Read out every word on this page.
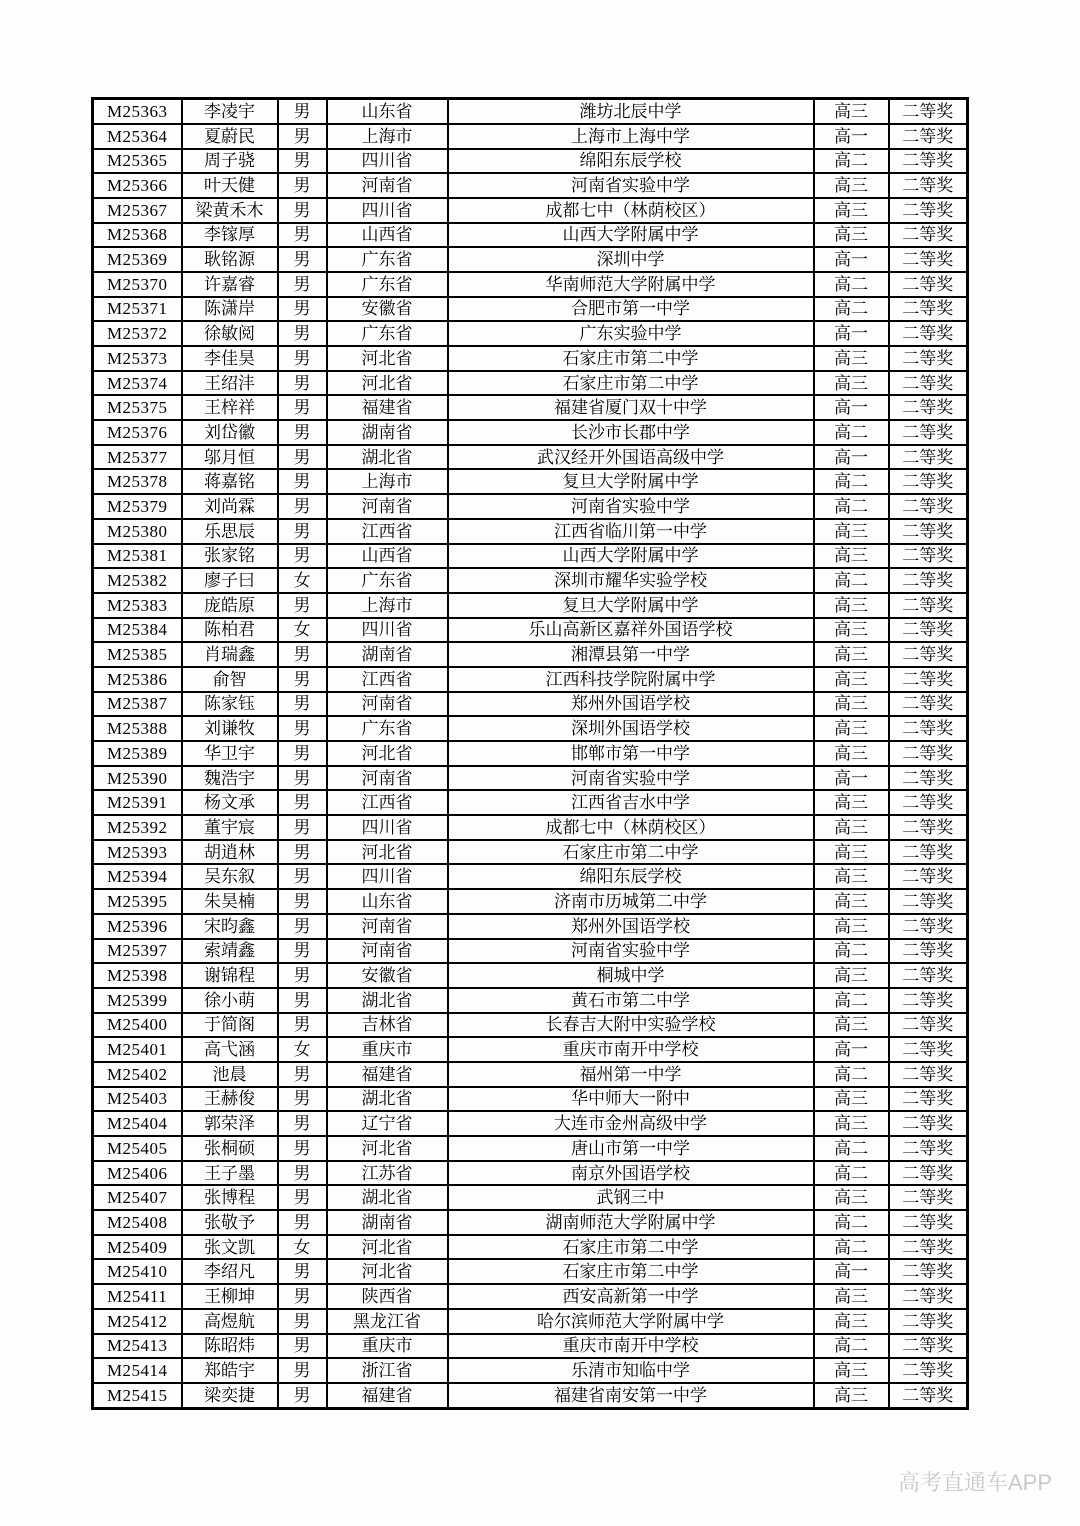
M25363	李凌宇	男	山东省	潍坊北辰中学	高三	二等奖
M25364	夏蔚民	男	上海市	上海市上海中学	高一	二等奖
M25365	周子骁	男	四川省	绵阳东辰学校	高二	二等奖
M25366	叶天健	男	河南省	河南省实验中学	高三	二等奖
M25367	梁黄禾木	男	四川省	成都七中（林荫校区）	高三	二等奖
M25368	李镓厚	男	山西省	山西大学附属中学	高三	二等奖
M25369	耿铭源	男	广东省	深圳中学	高一	二等奖
M25370	许嘉睿	男	广东省	华南师范大学附属中学	高二	二等奖
M25371	陈潇岸	男	安徽省	合肥市第一中学	高二	二等奖
M25372	徐敏阅	男	广东省	广东实验中学	高一	二等奖
M25373	李佳昊	男	河北省	石家庄市第二中学	高三	二等奖
M25374	王绍沣	男	河北省	石家庄市第二中学	高三	二等奖
M25375	王梓祥	男	福建省	福建省厦门双十中学	高一	二等奖
M25376	刘岱徽	男	湖南省	长沙市长郡中学	高二	二等奖
M25377	邬月恒	男	湖北省	武汉经开外国语高级中学	高一	二等奖
M25378	蒋嘉铭	男	上海市	复旦大学附属中学	高二	二等奖
M25379	刘尚霖	男	河南省	河南省实验中学	高二	二等奖
M25380	乐思辰	男	江西省	江西省临川第一中学	高三	二等奖
M25381	张家铭	男	山西省	山西大学附属中学	高三	二等奖
M25382	廖子曰	女	广东省	深圳市耀华实验学校	高二	二等奖
M25383	庞皓原	男	上海市	复旦大学附属中学	高三	二等奖
M25384	陈柏君	女	四川省	乐山高新区嘉祥外国语学校	高三	二等奖
M25385	肖瑞鑫	男	湖南省	湘潭县第一中学	高三	二等奖
M25386	俞智	男	江西省	江西科技学院附属中学	高三	二等奖
M25387	陈家钰	男	河南省	郑州外国语学校	高三	二等奖
M25388	刘谦牧	男	广东省	深圳外国语学校	高三	二等奖
M25389	华卫宇	男	河北省	邯郸市第一中学	高三	二等奖
M25390	魏浩宇	男	河南省	河南省实验中学	高一	二等奖
M25391	杨文承	男	江西省	江西省吉水中学	高三	二等奖
M25392	董宇宸	男	四川省	成都七中（林荫校区）	高三	二等奖
M25393	胡逍林	男	河北省	石家庄市第二中学	高三	二等奖
M25394	吴东叙	男	四川省	绵阳东辰学校	高三	二等奖
M25395	朱昊楠	男	山东省	济南市历城第二中学	高三	二等奖
M25396	宋昀鑫	男	河南省	郑州外国语学校	高三	二等奖
M25397	索靖鑫	男	河南省	河南省实验中学	高二	二等奖
M25398	谢锦程	男	安徽省	桐城中学	高三	二等奖
M25399	徐小萌	男	湖北省	黄石市第二中学	高二	二等奖
M25400	于简阁	男	吉林省	长春吉大附中实验学校	高三	二等奖
M25401	高弋涵	女	重庆市	重庆市南开中学校	高一	二等奖
M25402	池晨	男	福建省	福州第一中学	高二	二等奖
M25403	王赫俊	男	湖北省	华中师大一附中	高三	二等奖
M25404	郭荣泽	男	辽宁省	大连市金州高级中学	高三	二等奖
M25405	张桐硕	男	河北省	唐山市第一中学	高二	二等奖
M25406	王子墨	男	江苏省	南京外国语学校	高二	二等奖
M25407	张博程	男	湖北省	武钢三中	高三	二等奖
M25408	张敬予	男	湖南省	湖南师范大学附属中学	高二	二等奖
M25409	张文凯	女	河北省	石家庄市第二中学	高二	二等奖
M25410	李绍凡	男	河北省	石家庄市第二中学	高一	二等奖
M25411	王柳坤	男	陕西省	西安高新第一中学	高三	二等奖
M25412	高煜航	男	黑龙江省	哈尔滨师范大学附属中学	高三	二等奖
M25413	陈昭炜	男	重庆市	重庆市南开中学校	高二	二等奖
M25414	郑皓宇	男	浙江省	乐清市知临中学	高三	二等奖
M25415	梁奕捷	男	福建省	福建省南安第一中学	高三	二等奖
高考直通车APP
